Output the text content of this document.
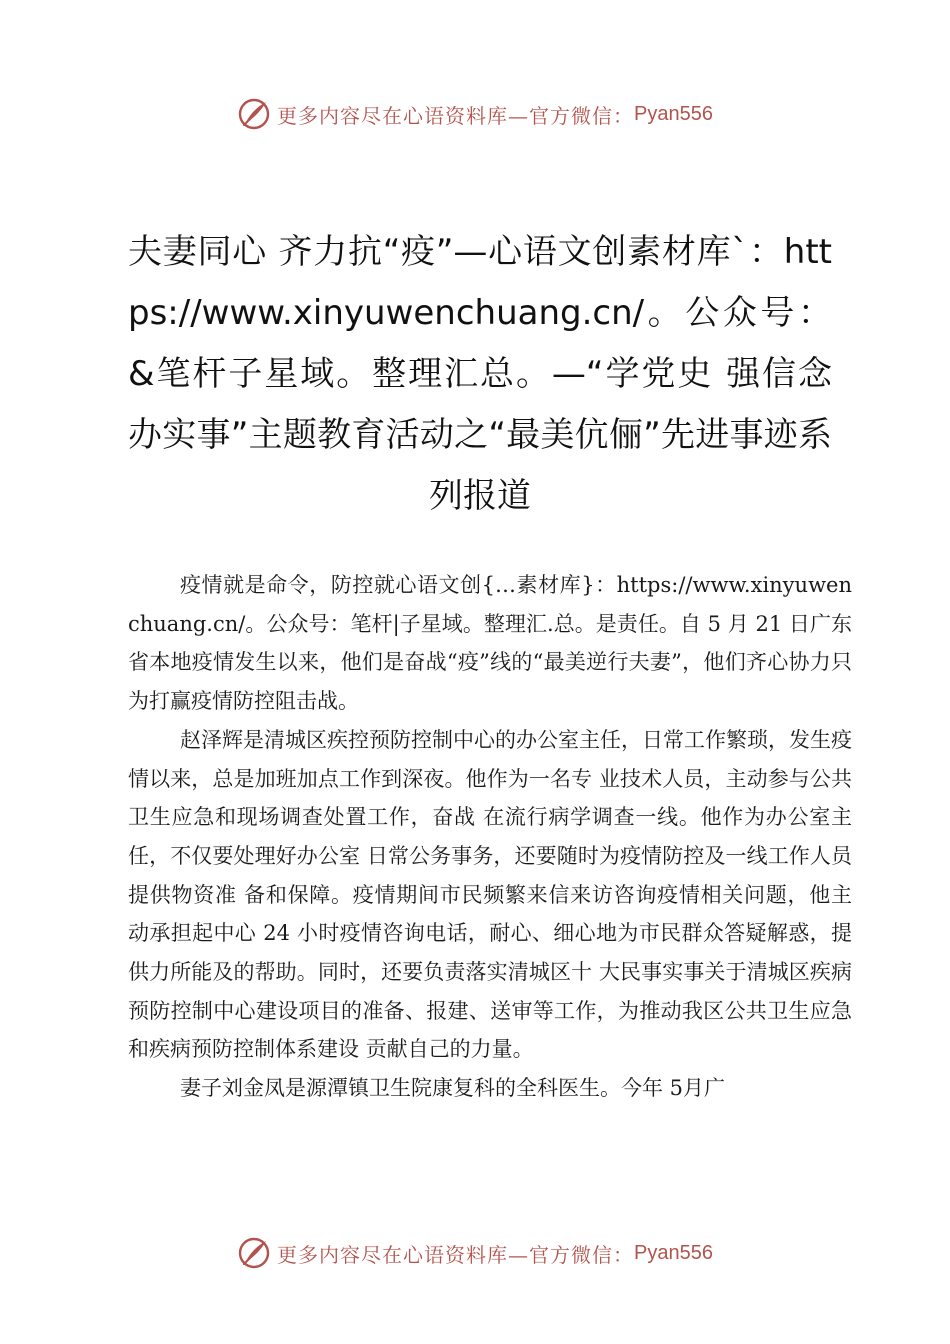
更多内容尽在心语资料库—官方微信： Pyan556
夫妻同心 齐力抗“疫”—心语文创素材库`：https://www.xinyuwenchuang.cn/。公众号：&笔杆子星域。整理汇总。—“学党史 强信念 办实事”主题教育活动之“最美伉俪”先进事迹系列报道

疫情就是命令，防控就心语文创{…素材库}：https://www.xinyuwenchuang.cn/。公众号：笔杆|子星域。整理汇.总。是责任。自 5 月 21 日广东省本地疫情发生以来，他们是奋战“疫”线的“最美逆行夫妻”，他们齐心协力只为打赢疫情防控阻击战。

赵泽辉是清城区疾控预防控制中心的办公室主任，日常工作繁琐，发生疫情以来，总是加班加点工作到深夜。他作为一名专 业技术人员，主动参与公共卫生应急和现场调查处置工作，奋战 在流行病学调查一线。他作为办公室主任，不仅要处理好办公室 日常公务事务，还要随时为疫情防控及一线工作人员提供物资准 备和保障。疫情期间市民频繁来信来访咨询疫情相关问题，他主 动承担起中心 24 小时疫情咨询电话，耐心、细心地为市民群众答疑解惑，提供力所能及的帮助。同时，还要负责落实清城区十 大民事实事关于清城区疾病预防控制中心建设项目的准备、报建、送审等工作，为推动我区公共卫生应急和疾病预防控制体系建设 贡献自己的力量。

妻子刘金凤是源潭镇卫生院康复科的全科医生。今年 5月广

更多内容尽在心语资料库—官方微信： Pyan556
